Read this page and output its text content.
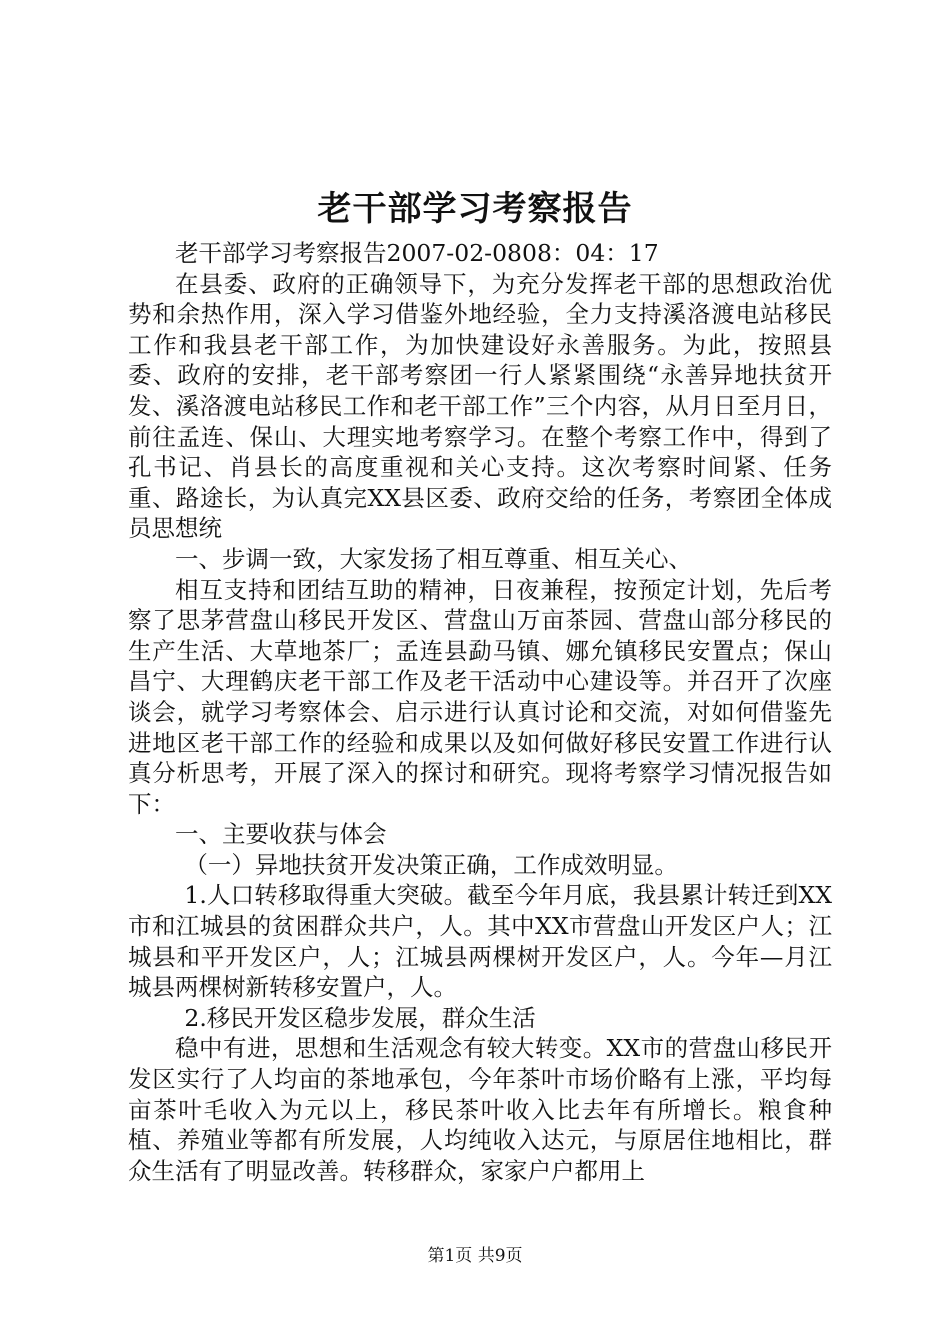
老干部学习考察报告

老干部学习考察报告2007-02-0808：04：17

在县委、政府的正确领导下，为充分发挥老干部的思想政治优势和余热作用，深入学习借鉴外地经验，全力支持溪洛渡电站移民工作和我县老干部工作，为加快建设好永善服务。为此，按照县委、政府的安排，老干部考察团一行人紧紧围绕“永善异地扶贫开发、溪洛渡电站移民工作和老干部工作”三个内容，从月日至月日，前往孟连、保山、大理实地考察学习。在整个考察工作中，得到了孔书记、肖县长的高度重视和关心支持。这次考察时间紧、任务重、路途长，为认真完XX县区委、政府交给的任务，考察团全体成员思想统

一、步调一致，大家发扬了相互尊重、相互关心、

相互支持和团结互助的精神，日夜兼程，按预定计划，先后考察了思茅营盘山移民开发区、营盘山万亩茶园、营盘山部分移民的生产生活、大草地茶厂；孟连县勐马镇、娜允镇移民安置点；保山昌宁、大理鹤庆老干部工作及老干活动中心建设等。并召开了次座谈会，就学习考察体会、启示进行认真讨论和交流，对如何借鉴先进地区老干部工作的经验和成果以及如何做好移民安置工作进行认真分析思考，开展了深入的探讨和研究。现将考察学习情况报告如下：

一、主要收获与体会

（一）异地扶贫开发决策正确，工作成效明显。

1.人口转移取得重大突破。截至今年月底，我县累计转迁到XX市和江城县的贫困群众共户，人。其中XX市营盘山开发区户人；江城县和平开发区户，人；江城县两棵树开发区户，人。今年—月江城县两棵树新转移安置户，人。

2.移民开发区稳步发展，群众生活

稳中有进，思想和生活观念有较大转变。XX市的营盘山移民开发区实行了人均亩的茶地承包，今年茶叶市场价略有上涨，平均每亩茶叶毛收入为元以上，移民茶叶收入比去年有所增长。粮食种植、养殖业等都有所发展，人均纯收入达元，与原居住地相比，群众生活有了明显改善。转移群众，家家户户都用上

第1页 共9页
